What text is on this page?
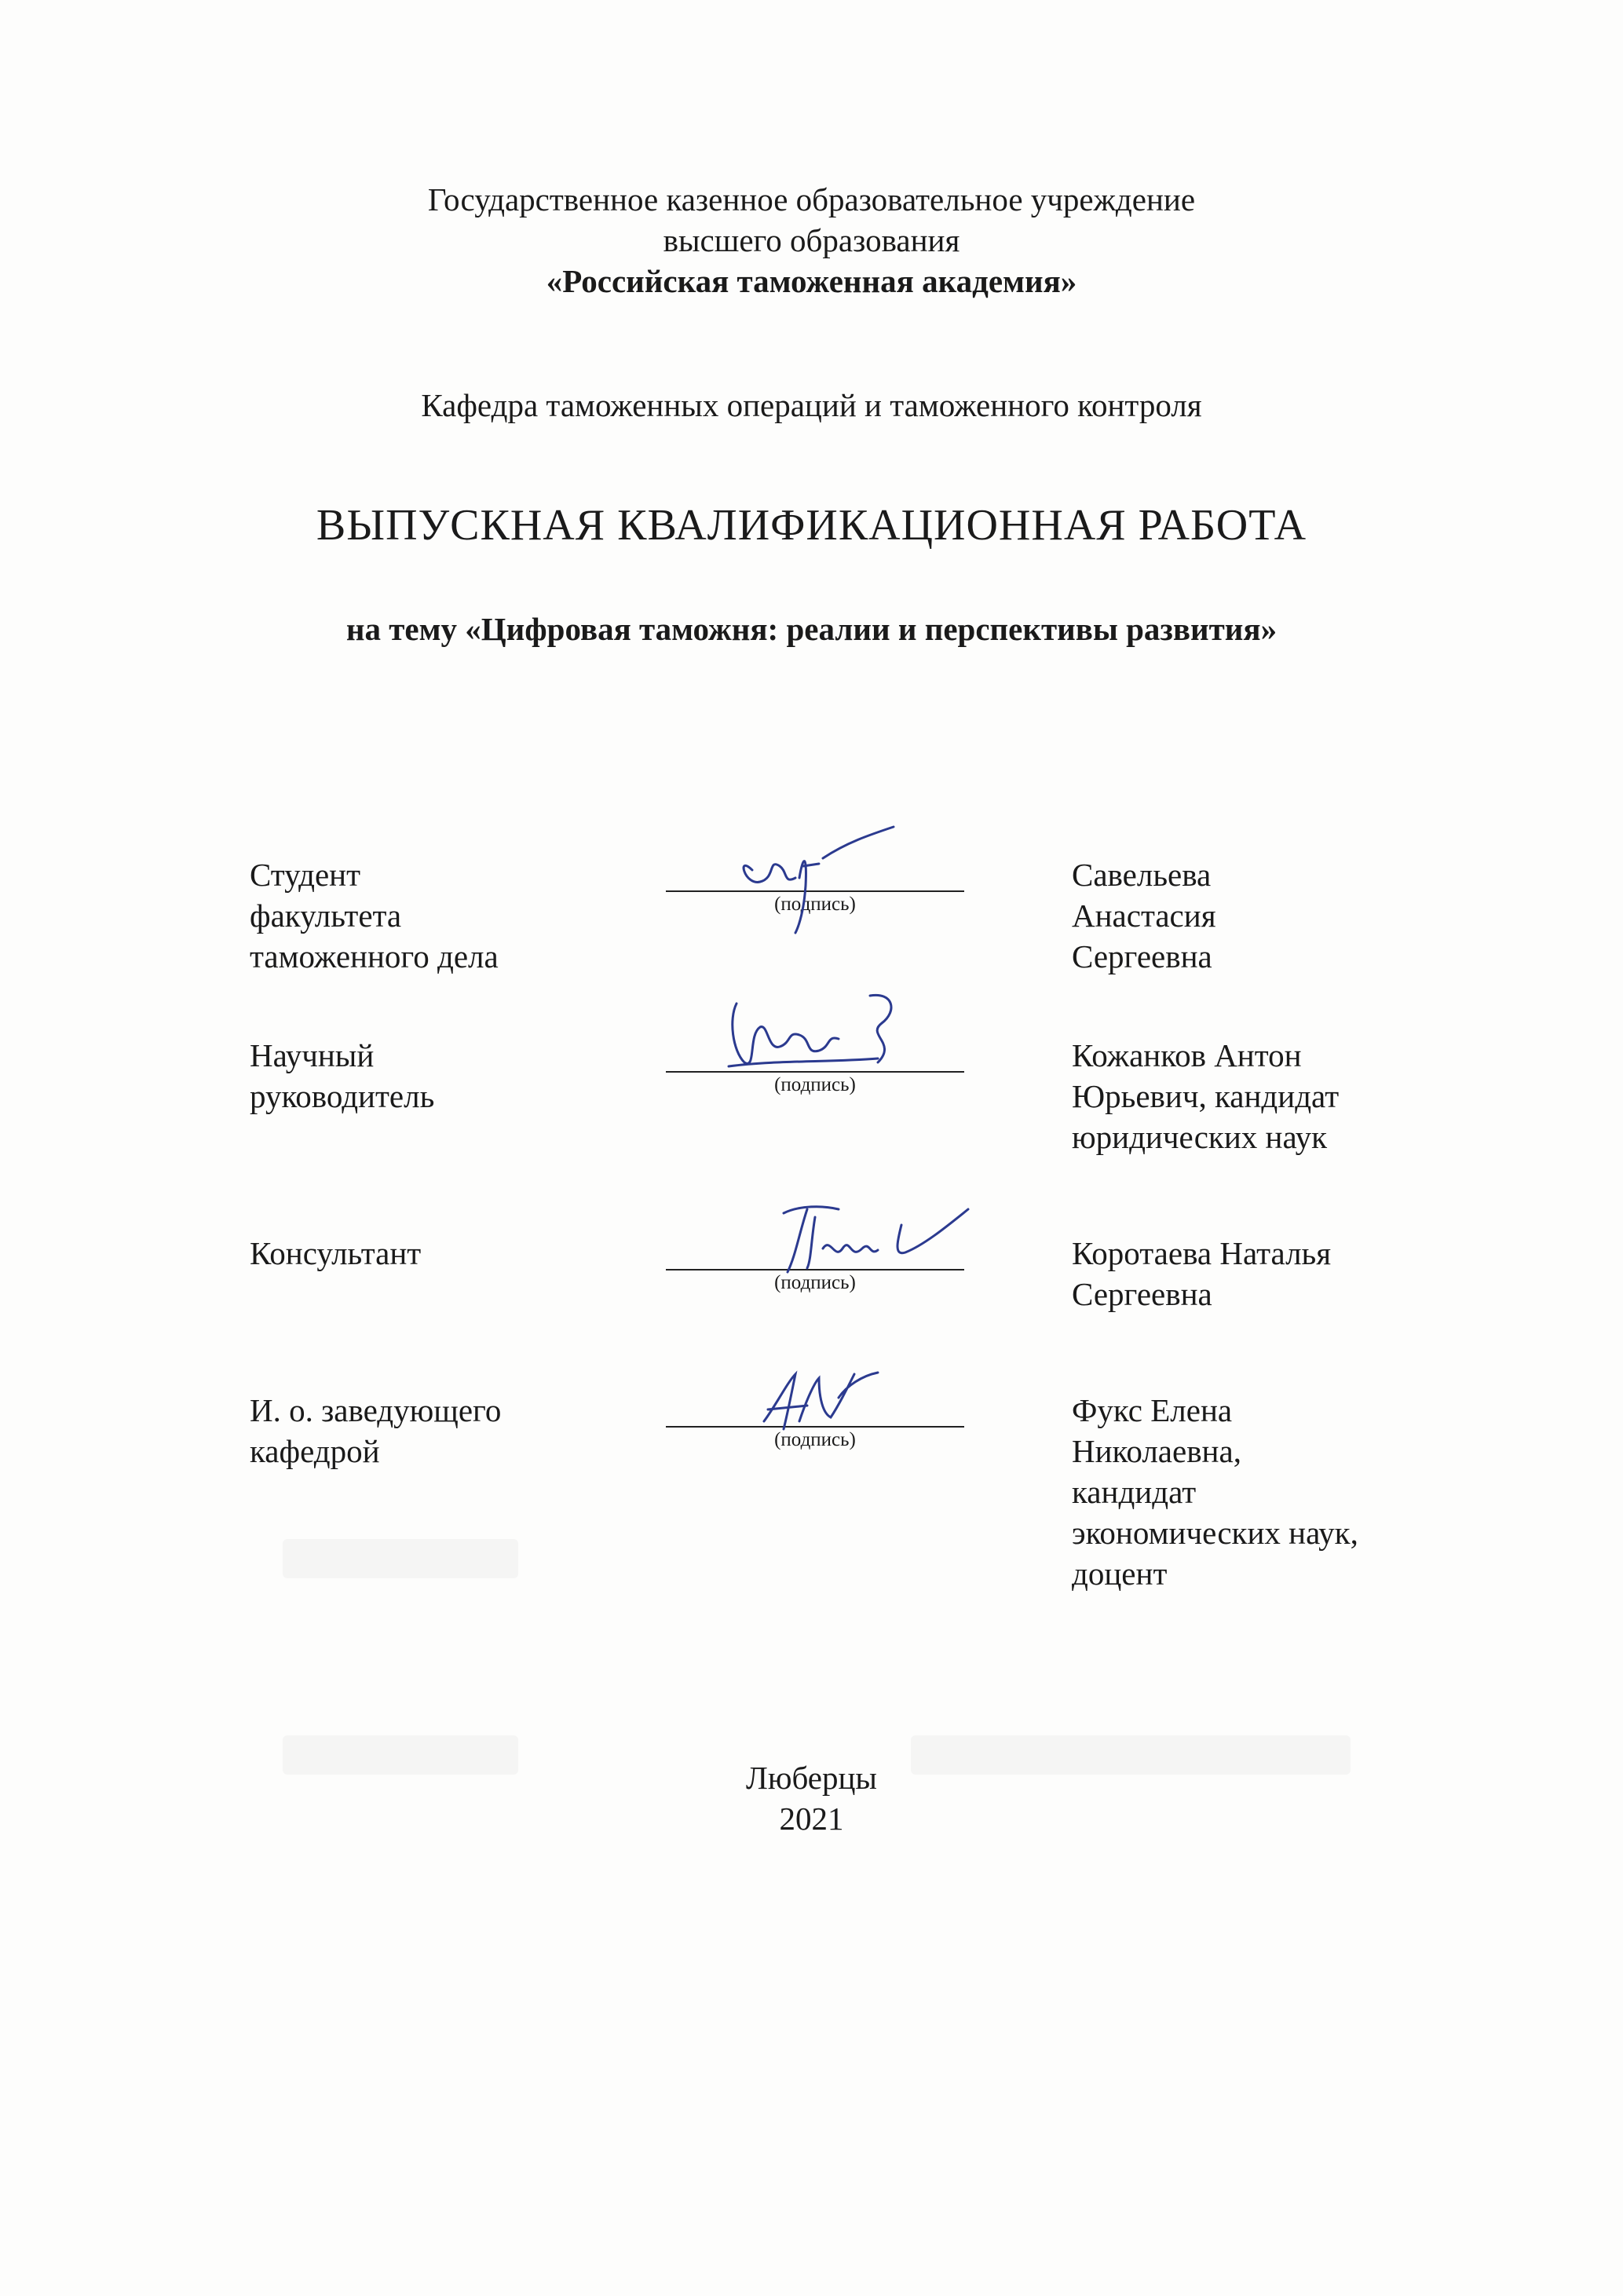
Государственное казенное образовательное учреждение
высшего образования
«Российская таможенная академия»
Кафедра таможенных операций и таможенного контроля
ВЫПУСКНАЯ КВАЛИФИКАЦИОННАЯ РАБОТА
на тему «Цифровая таможня: реалии и перспективы развития»
Студент
факультета
таможенного дела
(подпись)
Савельева
Анастасия
Сергеевна
Научный
руководитель	(подпись)
Кожанков Антон
Юрьевич, кандидат
юридических наук
Консультант
(подпись)
Коротаева Наталья
Сергеевна
И. о. заведующего
кафедрой	(подпись)
Фукс Елена
Николаевна,
кандидат
экономических наук,
доцент
Люберцы
2021
